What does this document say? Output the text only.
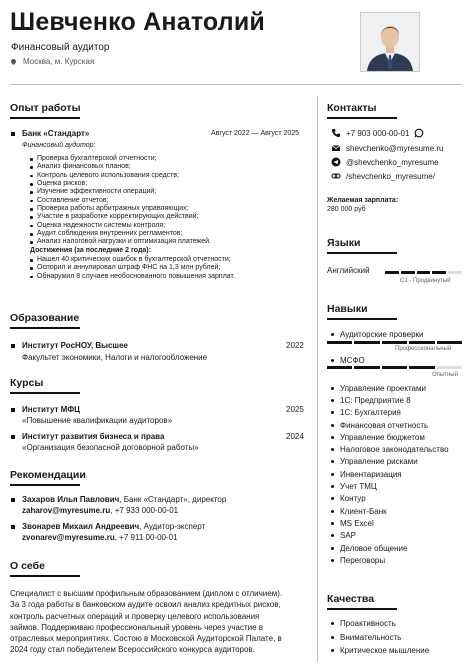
Шевченко Анатолий
Финансовый аудитор
Москва, м. Курская
Опыт работы
Банк «Стандарт»	Август 2022 — Август 2025
Финансовый аудитор:
Проверка бухгалтерской отчетности;
Анализ финансовых планов;
Контроль целевого использования средств;
Оценка рисков;
Изучение эффективности операций;
Составление отчетов;
Проверка работы арбитражных управляющих;
Участие в разработке корректирующих действий;
Оценка надежности системы контроля;
Аудит соблюдения внутренних регламентов;
Анализ налоговой нагрузки и оптимизация платежей.
Достижения (за последние 2 года):
Нашел 40 критических ошибок в бухгалтерской отчетности;
Оспорил и аннулировал штраф ФНС на 1,3 млн рублей;
Обнаружил 8 случаев необоснованного повышения зарплат.
Образование
Институт РосНОУ, Высшее	2022
Факультет экономики, Налоги и налогообложение
Курсы
Институт МФЦ	2025
«Повышение квалификации аудиторов»
Институт развития бизнеса и права	2024
«Организация безопасной договорной работы»
Рекомендации
Захаров Илья Павлович, Банк «Стандарт», директор
zaharov@myresume.ru, +7 933 000-00-01
Звонарев Михаил Андреевич, Аудитор-эксперт
zvonarev@myresume.ru, +7 911 00-00-01
О себе
Специалист с высшим профильным образованием (диплом с отличием).
За 3 года работы в банковском аудите освоил анализ кредитных рисков,
контроль расчетных операций и проверку целевого использования
займов. Поддерживаю профессиональный уровень через участие в
отраслевых мероприятиях. Состою в Московской Аудиторской Палате, в
2024 году стал победителем Всероссийского конкурса аудиторов.
Контакты
+7 903 000-00-01
shevchenko@myresume.ru
@shevchenko_myresume
/shevchenko_myresume/
Желаемая зарплата:
280 000 руб
Языки
Английский
C1 - Продвинутый
Навыки
Аудиторские проверки
Профессиональный
МСФО
Опытный
Управление проектами
1С: Предприятие 8
1С: Бухгалтерия
Финансовая отчетность
Управление бюджетом
Налоговое законодательство
Управление рисками
Инвентаризация
Учет ТМЦ
Контур
Клиент-Банк
MS Excel
SAP
Деловое общение
Переговоры
Качества
Проактивность
Внимательность
Критическое мышление
